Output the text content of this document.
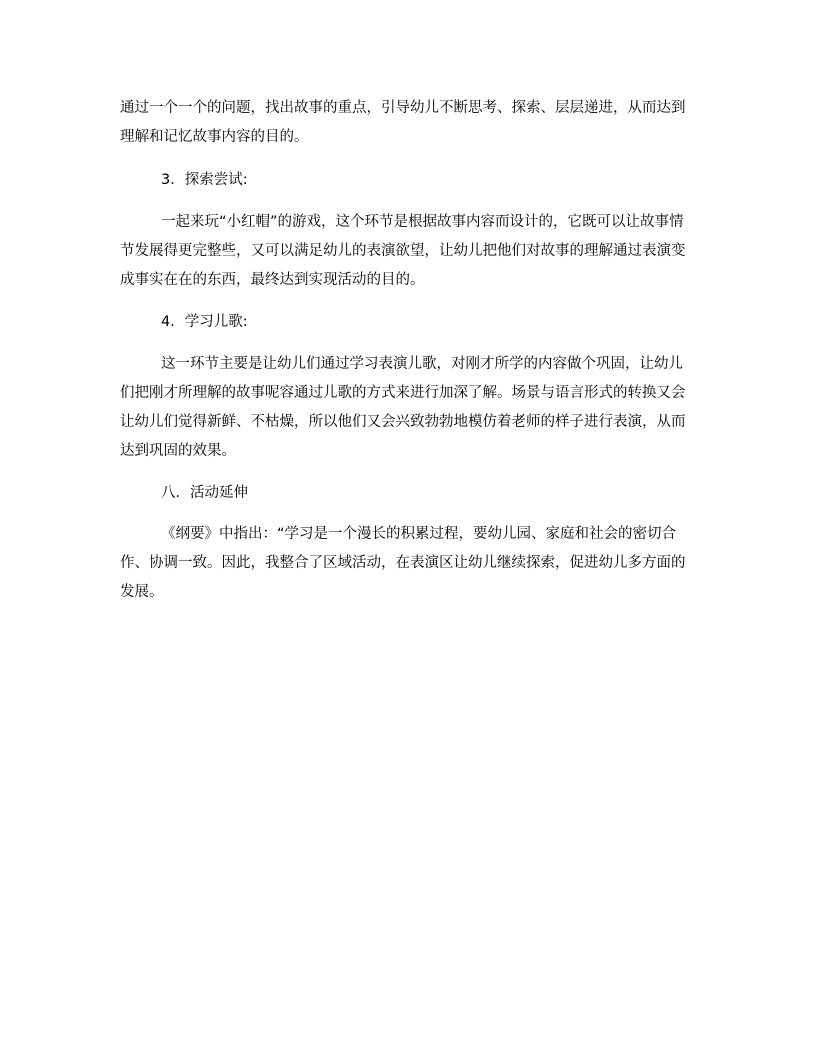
通过一个一个的问题，找出故事的重点，引导幼儿不断思考、探索、层层递进，从而达到
理解和记忆故事内容的目的。
3．探索尝试:
一起来玩“小红帽”的游戏，这个环节是根据故事内容而设计的，它既可以让故事情
节发展得更完整些，又可以满足幼儿的表演欲望，让幼儿把他们对故事的理解通过表演变
成事实在在的东西，最终达到实现活动的目的。
4．学习儿歌:
这一环节主要是让幼儿们通过学习表演儿歌，对刚才所学的内容做个巩固，让幼儿
们把刚才所理解的故事呢容通过儿歌的方式来进行加深了解。场景与语言形式的转换又会
让幼儿们觉得新鲜、不枯燥，所以他们又会兴致勃勃地模仿着老师的样子进行表演，从而
达到巩固的效果。
八．活动延伸
《纲要》中指出：“学习是一个漫长的积累过程，要幼儿园、家庭和社会的密切合
作、协调一致。因此，我整合了区域活动，在表演区让幼儿继续探索，促进幼儿多方面的
发展。
